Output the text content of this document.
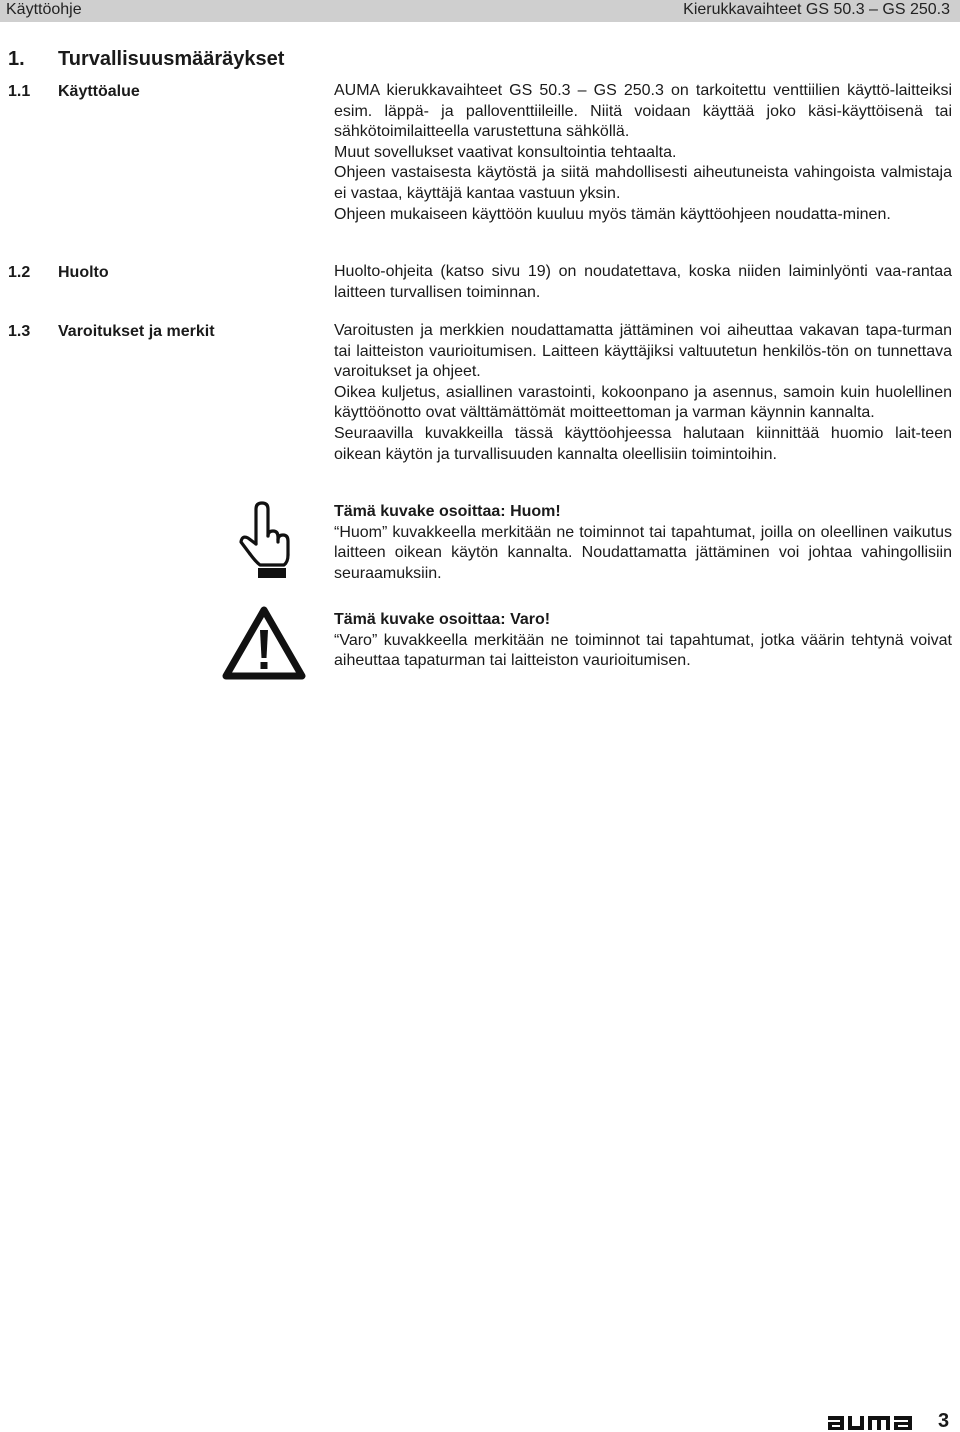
Käyttöohje	Kierukkavaihteet GS 50.3 – GS 250.3
1. Turvallisuusmääräykset
1.1 Käyttöalue	AUMA kierukkavaihteet GS 50.3 – GS 250.3 on tarkoitettu venttiilien käyttö-laitteiksi esim. läppä- ja palloventtiileille. Niitä voidaan käyttää joko käsi-käyttöisenä tai sähkötoimilaitteella varustettuna sähköllä.

Muut sovellukset vaativat konsultointia tehtaalta.

Ohjeen vastaisesta käytöstä ja siitä mahdollisesti aiheutuneista vahingoista valmistaja ei vastaa, käyttäjä kantaa vastuun yksin.

Ohjeen mukaiseen käyttöön kuuluu myös tämän käyttöohjeen noudatta-minen.

1.2 Huolto	Huolto-ohjeita (katso sivu 19) on noudatettava, koska niiden laiminlyönti vaa-rantaa laitteen turvallisen toiminnan.

1.3 Varoitukset ja merkit	Varoitusten ja merkkien noudattamatta jättäminen voi aiheuttaa vakavan tapa-turman tai laitteiston vaurioitumisen. Laitteen käyttäjiksi valtuutetun henkilös-tön on tunnettava varoitukset ja ohjeet.

Oikea kuljetus, asiallinen varastointi, kokoonpano ja asennus, samoin kuin huolellinen käyttöönotto ovat välttämättömät moitteettoman ja varman käynnin kannalta.

Seuraavilla kuvakkeilla tässä käyttöohjeessa halutaan kiinnittää huomio lait-teen oikean käytön ja turvallisuuden kannalta oleellisiin toimintoihin.

Tämä kuvake osoittaa: Huom!

“Huom” kuvakkeella merkitään ne toiminnot tai tapahtumat, joilla on oleellinen vaikutus laitteen oikean käytön kannalta. Noudattamatta jättäminen voi johtaa vahingollisiin seuraamuksiin.

Tämä kuvake osoittaa: Varo!

“Varo” kuvakkeella merkitään ne toiminnot tai tapahtumat, jotka väärin tehtynä voivat aiheuttaa tapaturman tai laitteiston vaurioitumisen.

3
